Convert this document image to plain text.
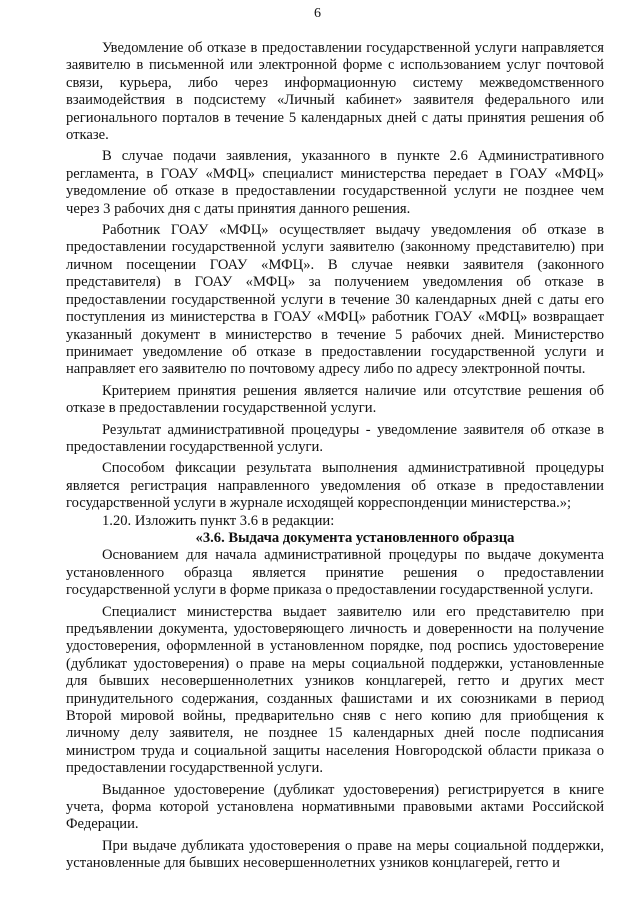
6

Уведомление об отказе в предоставлении государственной услуги направляется заявителю в письменной или электронной форме с использованием услуг почтовой связи, курьера, либо через информационную систему межведомственного взаимодействия в подсистему «Личный кабинет» заявителя федерального или регионального порталов в течение 5 календарных дней с даты принятия решения об отказе.

В случае подачи заявления, указанного в пункте 2.6 Административного регламента, в ГОАУ «МФЦ» специалист министерства передает в ГОАУ «МФЦ» уведомление об отказе в предоставлении государственной услуги не позднее чем через 3 рабочих дня с даты принятия данного решения.

Работник ГОАУ «МФЦ» осуществляет выдачу уведомления об отказе в предоставлении государственной услуги заявителю (законному представителю) при личном посещении ГОАУ «МФЦ». В случае неявки заявителя (законного представителя) в ГОАУ «МФЦ» за получением уведомления об отказе в предоставлении государственной услуги в течение 30 календарных дней с даты его поступления из министерства в ГОАУ «МФЦ» работник ГОАУ «МФЦ» возвращает указанный документ в министерство в течение 5 рабочих дней. Министерство принимает уведомление об отказе в предоставлении государственной услуги и направляет его заявителю по почтовому адресу либо по адресу электронной почты.

Критерием принятия решения является наличие или отсутствие решения об отказе в предоставлении государственной услуги.

Результат административной процедуры - уведомление заявителя об отказе в предоставлении государственной услуги.

Способом фиксации результата выполнения административной процедуры является регистрация направленного уведомления об отказе в предоставлении государственной услуги в журнале исходящей корреспонденции министерства.»;

1.20. Изложить пункт 3.6 в редакции:

«3.6. Выдача документа установленного образца

Основанием для начала административной процедуры по выдаче документа установленного образца является принятие решения о предоставлении государственной услуги в форме приказа о предоставлении государственной услуги.

Специалист министерства выдает заявителю или его представителю при предъявлении документа, удостоверяющего личность и доверенности на получение удостоверения, оформленной в установленном порядке, под роспись удостоверение (дубликат удостоверения) о праве на меры социальной поддержки, установленные для бывших несовершеннолетних узников концлагерей, гетто и других мест принудительного содержания, созданных фашистами и их союзниками в период Второй мировой войны, предварительно сняв с него копию для приобщения к личному делу заявителя, не позднее 15 календарных дней после подписания министром труда и социальной защиты населения Новгородской области приказа о предоставлении государственной услуги.

Выданное удостоверение (дубликат удостоверения) регистрируется в книге учета, форма которой установлена нормативными правовыми актами Российской Федерации.

При выдаче дубликата удостоверения о праве на меры социальной поддержки, установленные для бывших несовершеннолетних узников концлагерей, гетто и
